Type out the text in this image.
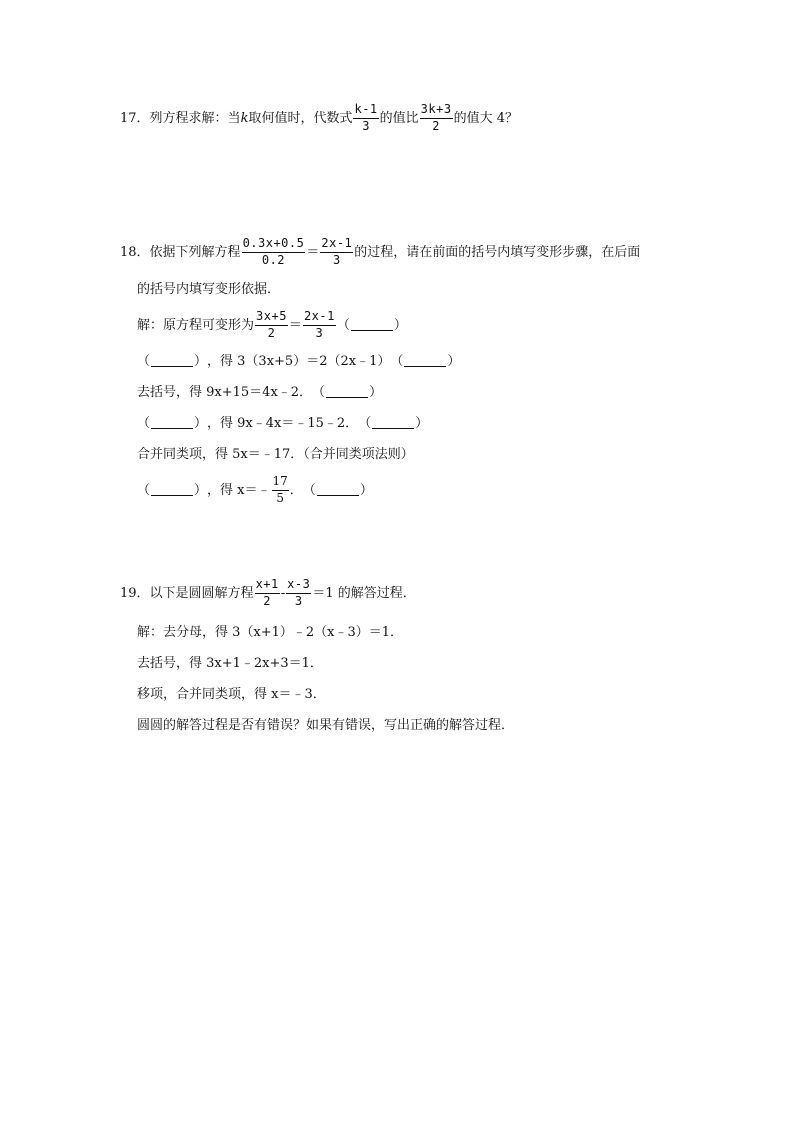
17． 列方程求解：当 k 取何值时，代数式 $\frac{k-1}{3}$ 的值比 $\frac{3k+3}{2}$ 的值大 4？
18． 依据下列解方程 $\frac{0.3x+0.5}{0.2} = \frac{2x-1}{3}$ 的过程，请在前面的括号内填写变形步骤，在后面
的括号内填写变形依据．
解：原方程可变形为 $\frac{3x+5}{2} = \frac{2x-1}{3}$ （	）
（	） ，得 3（3x+5）＝2（2x﹣1） （	）
去括号，得 9x+15＝4x﹣2． （	）
（	） ，得 9x﹣4x＝﹣15﹣2． （	）
合并同类项，得 5x＝﹣17．（合并同类项法则）
（	） ，得 x＝﹣ $\frac{17}{5}$ ． （	）
19． 以下是圆圆解方程 $\frac{x+1}{2} - \frac{x-3}{3} =1$ 的解答过程．
解：去分母，得 3（x+1）﹣2（x﹣3）＝1．
去括号，得 3x+1﹣2x+3＝1．
移项，合并同类项，得 x＝﹣3．
圆圆的解答过程是否有错误？如果有错误，写出正确的解答过程．
